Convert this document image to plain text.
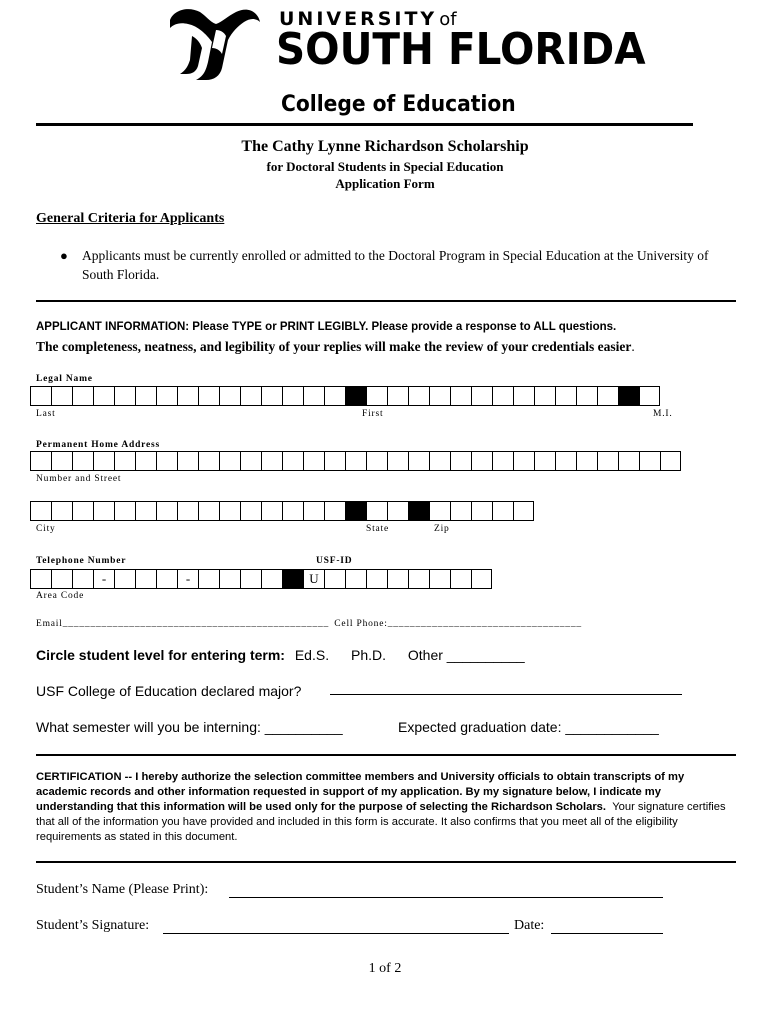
UNIVERSITY of
SOUTH FLORIDA
College of Education
The Cathy Lynne Richardson Scholarship
for Doctoral Students in Special Education
Application Form
General Criteria for Applicants
● Applicants must be currently enrolled or admitted to the Doctoral Program in Special Education at the University of South Florida.
APPLICANT INFORMATION: Please TYPE or PRINT LEGIBLY. Please provide a response to ALL questions.
The completeness, neatness, and legibility of your replies will make the review of your credentials easier.
Legal Name
Last	First	M.I.
Permanent Home Address
Number and Street
City	State	Zip
Telephone Number	USF-ID
-	-	U
Area Code
Email________________________________________________ Cell Phone:___________________________________
Circle student level for entering term: Ed.S. Ph.D. Other __________
USF College of Education declared major?
What semester will you be interning: __________	Expected graduation date: ____________
CERTIFICATION -- I hereby authorize the selection committee members and University officials to obtain transcripts of my academic records and other information requested in support of my application. By my signature below, I indicate my understanding that this information will be used only for the purpose of selecting the Richardson Scholars. Your signature certifies that all of the information you have provided and included in this form is accurate. It also confirms that you meet all of the eligibility requirements as stated in this document.
Student’s Name (Please Print):
Student’s Signature:	Date:
1 of 2
